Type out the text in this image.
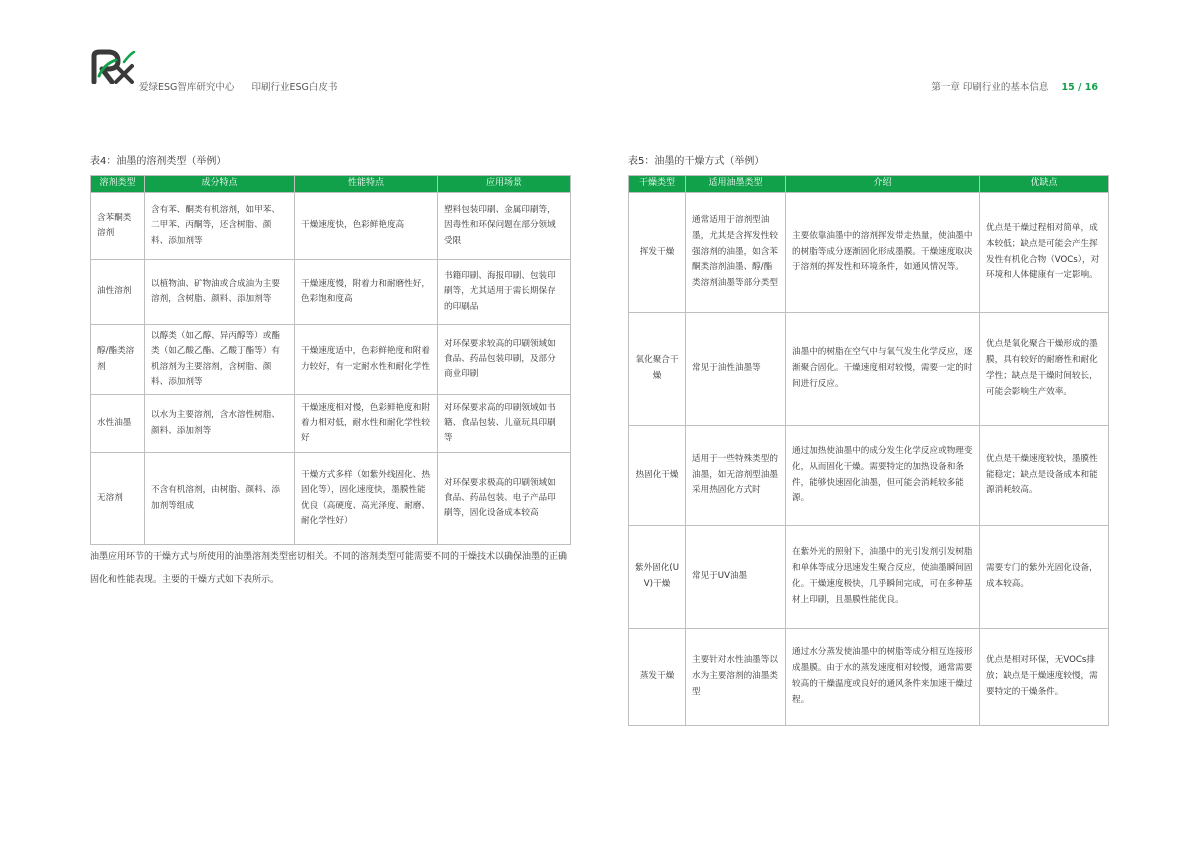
爱绿ESG智库研究中心 印刷行业ESG白皮书	第一章 印刷行业的基本信息 15 / 16
表4：油墨的溶剂类型（举例）
溶剂类型	成分特点	性能特点	应用场景
含苯酮类溶剂	含有苯、酮类有机溶剂，如甲苯、二甲苯、丙酮等，还含树脂、颜料、添加剂等	干燥速度快，色彩鲜艳度高	塑料包装印刷、金属印刷等，因毒性和环保问题在部分领域受限
油性溶剂	以植物油、矿物油或合成油为主要溶剂，含树脂、颜料、添加剂等	干燥速度慢，附着力和耐磨性好，色彩饱和度高	书籍印刷、海报印刷、包装印刷等，尤其适用于需长期保存的印刷品
醇/酯类溶剂	以醇类（如乙醇、异丙醇等）或酯类（如乙酸乙酯、乙酸丁酯等）有机溶剂为主要溶剂，含树脂、颜料、添加剂等	干燥速度适中，色彩鲜艳度和附着力较好，有一定耐水性和耐化学性	对环保要求较高的印刷领域如食品、药品包装印刷，及部分商业印刷
水性油墨	以水为主要溶剂，含水溶性树脂、颜料、添加剂等	干燥速度相对慢，色彩鲜艳度和附着力相对低，耐水性和耐化学性较好	对环保要求高的印刷领域如书籍、食品包装、儿童玩具印刷等
无溶剂	不含有机溶剂，由树脂、颜料、添加剂等组成	干燥方式多样（如紫外线固化、热固化等），固化速度快，墨膜性能优良（高硬度、高光泽度、耐磨、耐化学性好）	对环保要求极高的印刷领域如食品、药品包装、电子产品印刷等，固化设备成本较高
油墨应用环节的干燥方式与所使用的油墨溶剂类型密切相关。不同的溶剂类型可能需要不同的干燥技术以确保油墨的正确固化和性能表现。主要的干燥方式如下表所示。
表5：油墨的干燥方式（举例）
干燥类型	适用油墨类型	介绍	优缺点
挥发干燥	通常适用于溶剂型油墨，尤其是含挥发性较强溶剂的油墨，如含苯酮类溶剂油墨、醇/酯类溶剂油墨等部分类型	主要依靠油墨中的溶剂挥发带走热量，使油墨中的树脂等成分逐渐固化形成墨膜。干燥速度取决于溶剂的挥发性和环境条件，如通风情况等。	优点是干燥过程相对简单，成本较低；缺点是可能会产生挥发性有机化合物（VOCs），对环境和人体健康有一定影响。
氧化聚合干燥	常见于油性油墨等	油墨中的树脂在空气中与氧气发生化学反应，逐渐聚合固化。干燥速度相对较慢，需要一定的时间进行反应。	优点是氧化聚合干燥形成的墨膜，具有较好的耐磨性和耐化学性；缺点是干燥时间较长，可能会影响生产效率。
热固化干燥	适用于一些特殊类型的油墨，如无溶剂型油墨采用热固化方式时	通过加热使油墨中的成分发生化学反应或物理变化，从而固化干燥。需要特定的加热设备和条件，能够快速固化油墨，但可能会消耗较多能源。	优点是干燥速度较快，墨膜性能稳定；缺点是设备成本和能源消耗较高。
紫外固化(UV)干燥	常见于UV油墨	在紫外光的照射下，油墨中的光引发剂引发树脂和单体等成分迅速发生聚合反应，使油墨瞬间固化。干燥速度极快，几乎瞬间完成，可在多种基材上印刷，且墨膜性能优良。	需要专门的紫外光固化设备，成本较高。
蒸发干燥	主要针对水性油墨等以水为主要溶剂的油墨类型	通过水分蒸发使油墨中的树脂等成分相互连接形成墨膜。由于水的蒸发速度相对较慢，通常需要较高的干燥温度或良好的通风条件来加速干燥过程。	优点是相对环保，无VOCs排放；缺点是干燥速度较慢，需要特定的干燥条件。
